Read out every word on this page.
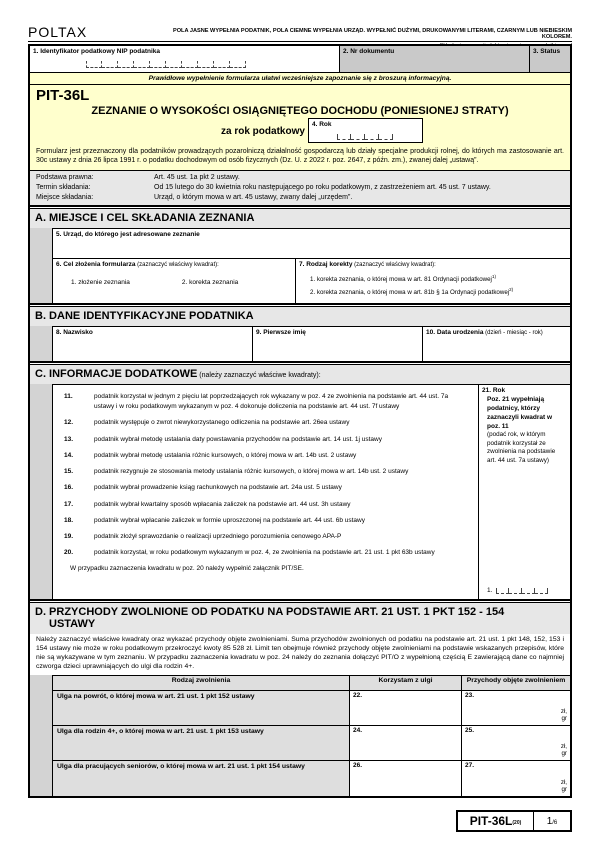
POLTAX	POLA JASNE WYPEŁNIA PODATNIK, POLA CIEMNE WYPEŁNIA URZĄD. WYPEŁNIĆ DUŻYMI, DRUKOWANYMI LITERAMI, CZARNYM LUB NIEBIESKIM KOLOREM.
1. Identyfikator podatkowy NIP podatnika	2. Nr dokumentu	3. Status
Prawidłowe wypełnienie formularza ułatwi wcześniejsze zapoznanie się z broszurą informacyjną.
PIT-36L
ZEZNANIE O WYSOKOŚCI OSIĄGNIĘTEGO DOCHODU (PONIESIONEJ STRATY)
za rok podatkowy
4. Rok
Formularz jest przeznaczony dla podatników prowadzących pozarolniczą działalność gospodarczą lub działy specjalne produkcji rolnej, do których ma zastosowanie art. 30c ustawy z dnia 26 lipca 1991 r. o podatku dochodowym od osób fizycznych (Dz. U. z 2022 r. poz. 2647, z późn. zm.), zwanej dalej „ustawą”.
Podstawa prawna:	Art. 45 ust. 1a pkt 2 ustawy.
Termin składania:	Od 15 lutego do 30 kwietnia roku następującego po roku podatkowym, z zastrzeżeniem art. 45 ust. 7 ustawy.
Miejsce składania:	Urząd, o którym mowa w art. 45 ustawy, zwany dalej „urzędem”.
A. MIEJSCE I CEL SKŁADANIA ZEZNANIA
5. Urząd, do którego jest adresowane zeznanie
6. Cel złożenia formularza (zaznaczyć właściwy kwadrat):
1. złożenie zeznania	2. korekta zeznania
7. Rodzaj korekty (zaznaczyć właściwy kwadrat):
1. korekta zeznania, o której mowa w art. 81 Ordynacji podatkowej$^{1)}$
2. korekta zeznania, o której mowa w art. 81b § 1a Ordynacji podatkowej$^{2)}$
B. DANE IDENTYFIKACYJNE PODATNIKA
8. Nazwisko	9. Pierwsze imię	10. Data urodzenia (dzień - miesiąc - rok)
C. INFORMACJE DODATKOWE (należy zaznaczyć właściwe kwadraty):
11.	podatnik korzystał w jednym z pięciu lat poprzedzających rok wykazany w poz. 4 ze zwolnienia na podstawie art. 44 ust. 7a ustawy i w roku podatkowym wykazanym w poz. 4 dokonuje doliczenia na podstawie art. 44 ust. 7f ustawy
12.	podatnik występuje o zwrot niewykorzystanego odliczenia na podstawie art. 26ea ustawy
13.	podatnik wybrał metodę ustalania daty powstawania przychodów na podstawie art. 14 ust. 1j ustawy
14.	podatnik wybrał metodę ustalania różnic kursowych, o której mowa w art. 14b ust. 2 ustawy
15.	podatnik rezygnuje ze stosowania metody ustalania różnic kursowych, o której mowa w art. 14b ust. 2 ustawy
16.	podatnik wybrał prowadzenie ksiąg rachunkowych na podstawie art. 24a ust. 5 ustawy
17.	podatnik wybrał kwartalny sposób wpłacania zaliczek na podstawie art. 44 ust. 3h ustawy
18.	podatnik wybrał wpłacanie zaliczek w formie uproszczonej na podstawie art. 44 ust. 6b ustawy
19.	podatnik złożył sprawozdanie o realizacji uprzedniego porozumienia cenowego APA-P
20.	podatnik korzystał, w roku podatkowym wykazanym w poz. 4, ze zwolnienia na podstawie art. 21 ust. 1 pkt 63b ustawy
W przypadku zaznaczenia kwadratu w poz. 20 należy wypełnić załącznik PIT/SE.
21. Rok
Poz. 21 wypełniają podatnicy, którzy zaznaczyli kwadrat w poz. 11
(podać rok, w którym podatnik korzystał ze zwolnienia na podstawie art. 44 ust. 7a ustawy)
1.
D. PRZYCHODY ZWOLNIONE OD PODATKU NA PODSTAWIE ART. 21 UST. 1 PKT 152 - 154
USTAWY
Należy zaznaczyć właściwe kwadraty oraz wykazać przychody objęte zwolnieniami. Suma przychodów zwolnionych od podatku na podstawie art. 21 ust. 1 pkt 148, 152, 153 i 154 ustawy nie może w roku podatkowym przekroczyć kwoty 85 528 zł. Limit ten obejmuje również przychody objęte zwolnieniami na podstawie wskazanych przepisów, które nie są wykazywane w tym zeznaniu. W przypadku zaznaczenia kwadratu w poz. 24 należy do zeznania dołączyć PIT/O z wypełnioną częścią E zawierającą dane co najmniej czworga dzieci uprawniających do ulgi dla rodzin 4+.
Rodzaj zwolnienia	Korzystam z ulgi	Przychody objęte zwolnieniem
Ulga na powrót, o której mowa w art. 21 ust. 1 pkt 152 ustawy	22.	23.
zł,
gr
Ulga dla rodzin 4+, o której mowa w art. 21 ust. 1 pkt 153 ustawy	24.	25.
zł,
gr
Ulga dla pracujących seniorów, o której mowa w art. 21 ust. 1 pkt 154 ustawy	26.	27.
zł,
gr
PIT-36L (20)	1 /6
